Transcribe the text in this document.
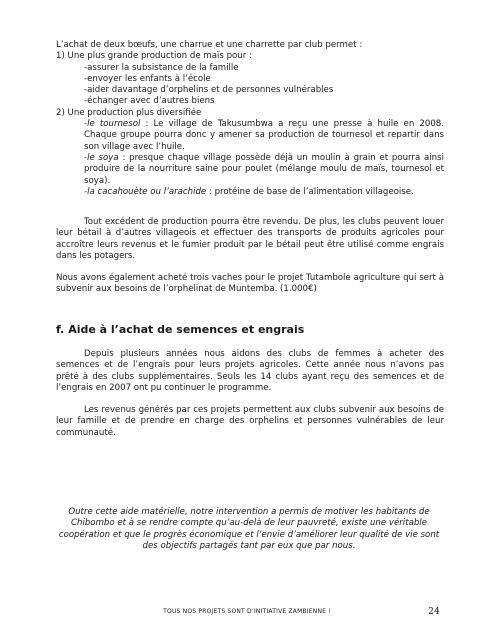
L’achat de deux bœufs, une charrue et une charrette par club permet :

1) Une plus grande production de maïs pour :

-assurer la subsistance de la famille

-envoyer les enfants à l’école

-aider davantage d’orphelins et de personnes vulnérables

-échanger avec d’autres biens

2) Une production plus diversifiée

-le tournesol : Le village de Takusumbwa a reçu une presse à huile en 2008. Chaque groupe pourra donc y amener sa production de tournesol et repartir dans son village avec l’huile.

-le soya : presque chaque village possède déjà un moulin à grain et pourra ainsi produire de la nourriture saine pour poulet (mélange moulu de maïs, tournesol et soya).

-la cacahouète ou l’arachide : protéine de base de l’alimentation villageoise.

Tout excédent de production pourra être revendu. De plus, les clubs peuvent louer leur bétail à d’autres villageois et effectuer des transports de produits agricoles pour accroître leurs revenus et le fumier produit par le bétail peut être utilisé comme engrais dans les potagers.

Nous avons également acheté trois vaches pour le projet Tutambole agriculture qui sert à subvenir aux besoins de l’orphelinat de Muntemba. (1.000€)

f. Aide à l’achat de semences et engrais

Depuis plusieurs années nous aidons des clubs de femmes à acheter des semences et de l’engrais pour leurs projets agricoles. Cette année nous n’avons pas prêté à des clubs supplémentaires. Seuls les 14 clubs ayant reçu des semences et de l’engrais en 2007 ont pu continuer le programme.

Les revenus générés par ces projets permettent aux clubs subvenir aux besoins de leur famille et de prendre en charge des orphelins et personnes vulnérables de leur communauté.

Outre cette aide matérielle, notre intervention a permis de motiver les habitants de Chibombo et à se rendre compte qu’au-delà de leur pauvreté, existe une véritable coopération et que le progrès économique et l’envie d’améliorer leur qualité de vie sont des objectifs partagés tant par eux que par nous.

TOUS NOS PROJETS SONT D’INITIATIVE ZAMBIENNE !	24
